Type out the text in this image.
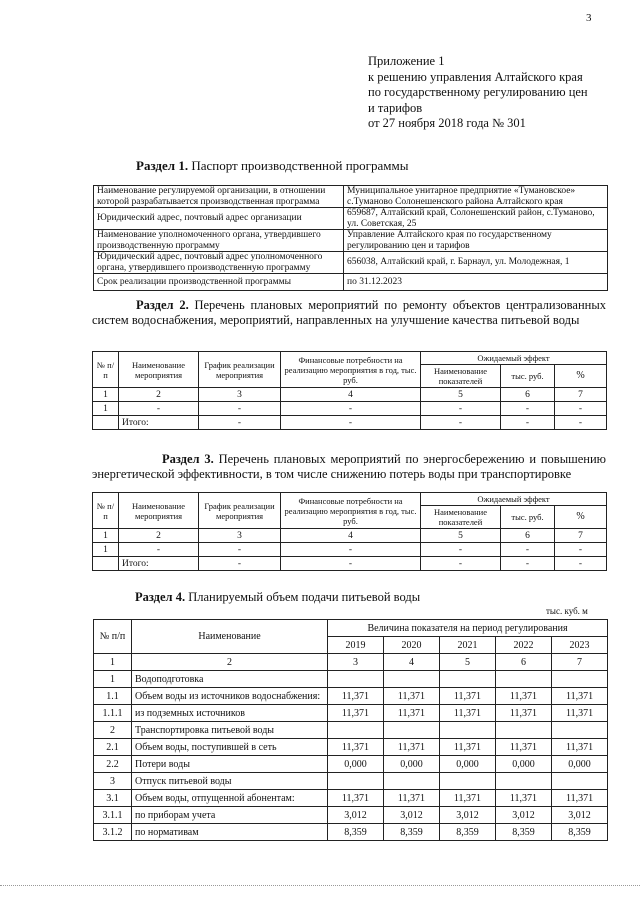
3
Приложение 1
к решению управления Алтайского края
по государственному регулированию цен
и тарифов
от 27 ноября 2018 года № 301
Раздел 1. Паспорт производственной программы
Наименование регулируемой организации, в отношении которой разрабатывается производственная программа	Муниципальное унитарное предприятие «Тумановское» с.Туманово Солонешенского района Алтайского края
Юридический адрес, почтовый адрес организации	659687, Алтайский край, Солонешенский район, с.Туманово, ул. Советская, 25
Наименование уполномоченного органа, утвердившего производственную программу	Управление Алтайского края по государственному регулированию цен и тарифов
Юридический адрес, почтовый адрес уполномоченного органа, утвердившего производственную программу	656038, Алтайский край, г. Барнаул, ул. Молодежная, 1
Срок реализации производственной программы	по 31.12.2023
Раздел 2. Перечень плановых мероприятий по ремонту объектов централизованных систем водоснабжения, мероприятий, направленных на улучшение качества питьевой воды
№ п/п	Наименование мероприятия	График реализации мероприятия	Финансовые потребности на реализацию мероприятия в год, тыс. руб.	Ожидаемый эффект		
				Наименование показателей	тыс. руб.	%
1	2	3	4	5	6	7
1	-	-	-	-	-	-
	Итого:	-	-	-	-	-
Раздел 3. Перечень плановых мероприятий по энергосбережению и повышению энергетической эффективности, в том числе снижению потерь воды при транспортировке
№ п/п	Наименование мероприятия	График реализации мероприятия	Финансовые потребности на реализацию мероприятия в год, тыс. руб.	Ожидаемый эффект		
				Наименование показателей	тыс. руб.	%
1	2	3	4	5	6	7
1	-	-	-	-	-	-
	Итого:	-	-	-	-	-
Раздел 4. Планируемый объем подачи питьевой воды
тыс. куб. м
№ п/п	Наименование	Величина показателя на период регулирования				
		2019	2020	2021	2022	2023
1	2	3	4	5	6	7
1	Водоподготовка					
1.1	Объем воды из источников водоснабжения:	11,371	11,371	11,371	11,371	11,371
1.1.1	из подземных источников	11,371	11,371	11,371	11,371	11,371
2	Транспортировка питьевой воды					
2.1	Объем воды, поступившей в сеть	11,371	11,371	11,371	11,371	11,371
2.2	Потери воды	0,000	0,000	0,000	0,000	0,000
3	Отпуск питьевой воды					
3.1	Объем воды, отпущенной абонентам:	11,371	11,371	11,371	11,371	11,371
3.1.1	по приборам учета	3,012	3,012	3,012	3,012	3,012
3.1.2	по нормативам	8,359	8,359	8,359	8,359	8,359
